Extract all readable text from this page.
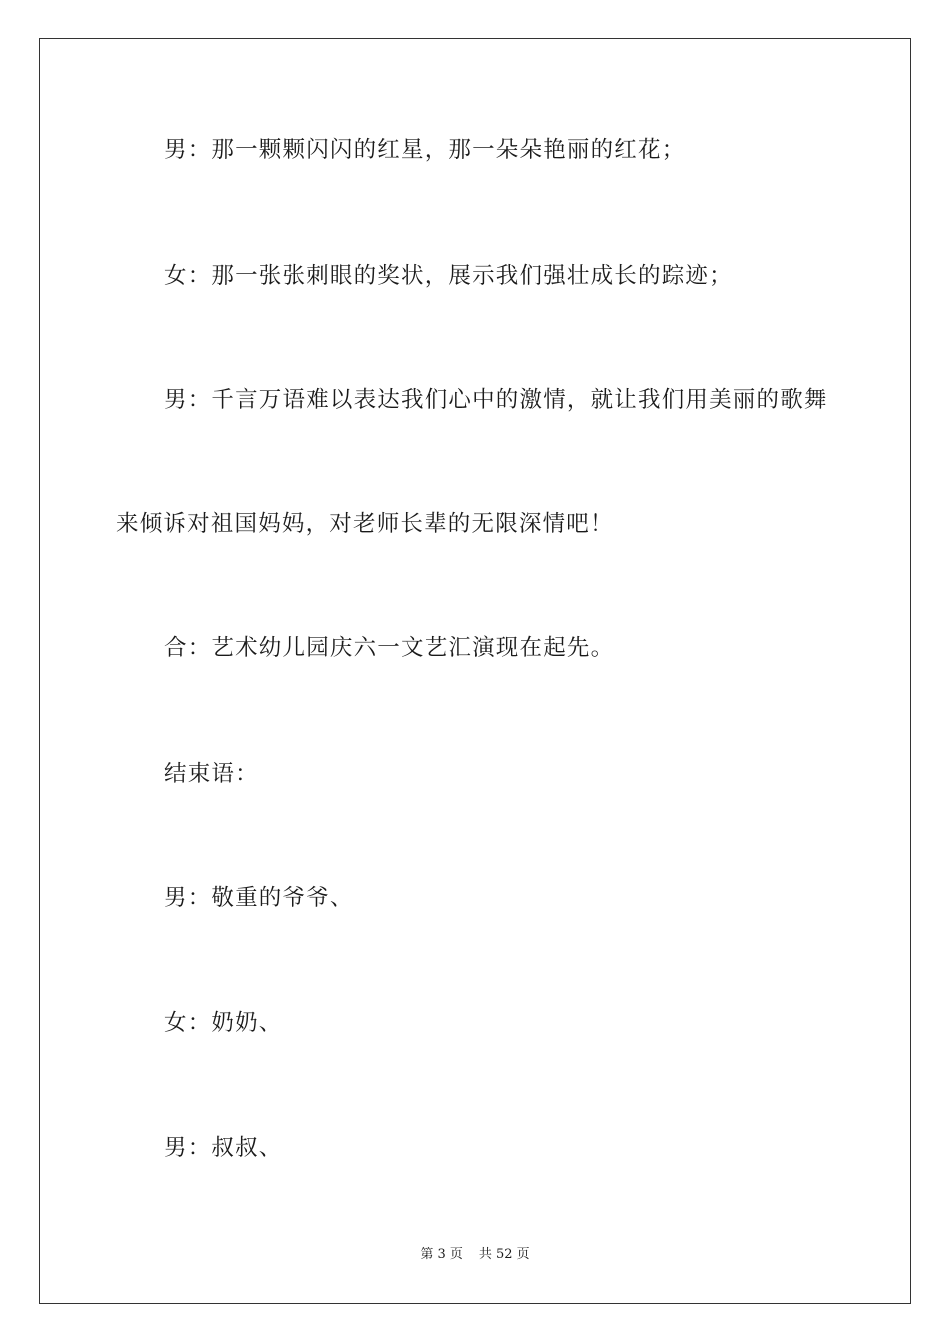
男：那一颗颗闪闪的红星，那一朵朵艳丽的红花；
女：那一张张刺眼的奖状，展示我们强壮成长的踪迹；
男：千言万语难以表达我们心中的激情，就让我们用美丽的歌舞
来倾诉对祖国妈妈，对老师长辈的无限深情吧！
合：艺术幼儿园庆六一文艺汇演现在起先。
结束语：
男：敬重的爷爷、
女：奶奶、
男：叔叔、
第 3 页 共 52 页
